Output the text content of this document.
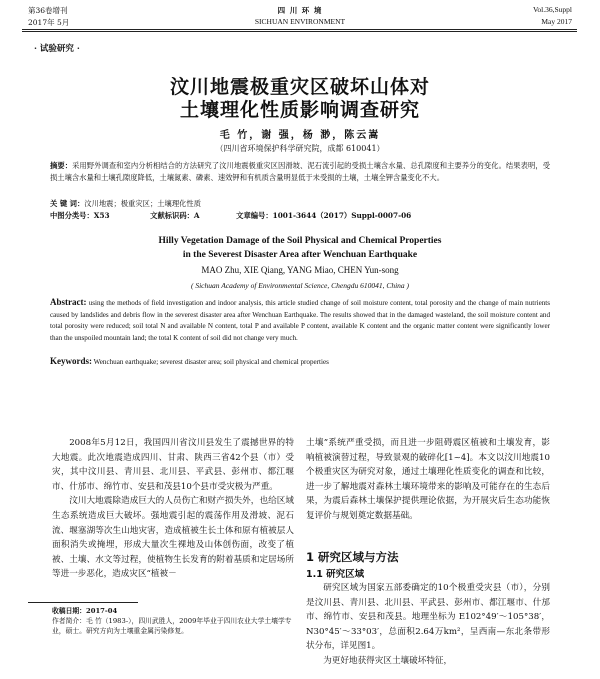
第36卷增刊
2017年 5月
四 川 环 境
SICHUAN ENVIRONMENT
Vol.36,Suppl
May 2017
· 试验研究 ·
汶川地震极重灾区破坏山体对
土壤理化性质影响调查研究
毛 竹，谢 强，杨 渺，陈云嵩
（四川省环境保护科学研究院，成都 610041）
摘要：采用野外调查和室内分析相结合的方法研究了汶川地震极重灾区因滑坡、泥石流引起的受损土壤含水量、总孔隙度和主要养分的变化。结果表明，受损土壤含水量和土壤孔隙度降低，土壤氮素、磷素、速效钾和有机质含量明显低于未受损的土壤，土壤全钾含量变化不大。
关 键 词：汶川地震；极重灾区；土壤理化性质
中图分类号：X53	文献标识码：A	文章编号：1001-3644（2017）Suppl-0007-06
Hilly Vegetation Damage of the Soil Physical and Chemical Properties
in the Severest Disaster Area after Wenchuan Earthquake
MAO Zhu, XIE Qiang, YANG Miao, CHEN Yun-song
( Sichuan Academy of Environmental Science, Chengdu 610041, China )
Abstract: using the methods of field investigation and indoor analysis, this article studied change of soil moisture content, total porosity and the change of main nutrients caused by landslides and debris flow in the severest disaster area after Wenchuan Earthquake. The results showed that in the damaged wasteland, the soil moisture content and total porosity were reduced; soil total N and available N content, total P and available P content, available K content and the organic matter content were significantly lower than the unspoiled mountain land; the total K content of soil did not change very much.
Keywords: Wenchuan earthquake; severest disaster area; soil physical and chemical properties

2008年5月12日，我国四川省汶川县发生了震撼世界的特大地震。此次地震造成四川、甘肃、陕西三省42个县（市）受灾，其中汶川县、青川县、北川县、平武县、彭州市、都江堰市、什邡市、绵竹市、安县和茂县10个县市受灾极为严重。

汶川大地震除造成巨大的人员伤亡和财产损失外，也给区域生态系统造成巨大破坏。强地震引起的震荡作用及滑坡、泥石流、堰塞湖等次生山地灾害，造成植被生长土体和原有植被层人面积消失或掩埋，形成大量次生裸地及山体创伤面，改变了植被、土壤、水文等过程，使植物生长发育的附着基质和定居场所等进一步恶化，造成灾区“植被－

收稿日期：2017-04
作者简介：毛 竹（1983-），四川武胜人，2009年毕业于四川农业大学土壤学专业，硕士。研究方向为土壤重金属污染修复。

土壤”系统严重受损，而且进一步阻碍震区植被和土壤发育，影响植被演替过程，导致景观的破碎化[1~4]。本文以汶川地震10个极重灾区为研究对象，通过土壤理化性质变化的调查和比较，进一步了解地震对森林土壤环境带来的影响及可能存在的生态后果，为震后森林土壤保护提供理论依据，为开展灾后生态功能恢复评价与规划奠定数据基础。

1 研究区域与方法
1.1 研究区域

研究区域为国家五部委确定的10个极重受灾县（市），分别是汶川县、青川县、北川县、平武县、彭州市、都江堰市、什邡市、绵竹市、安县和茂县。地理坐标为 E102°49′～105°38′，N30°45′～33°03′，总面积2.64万km²，呈西南—东北条带形状分布，详见图1。

为更好地获得灾区土壤破坏特征，
